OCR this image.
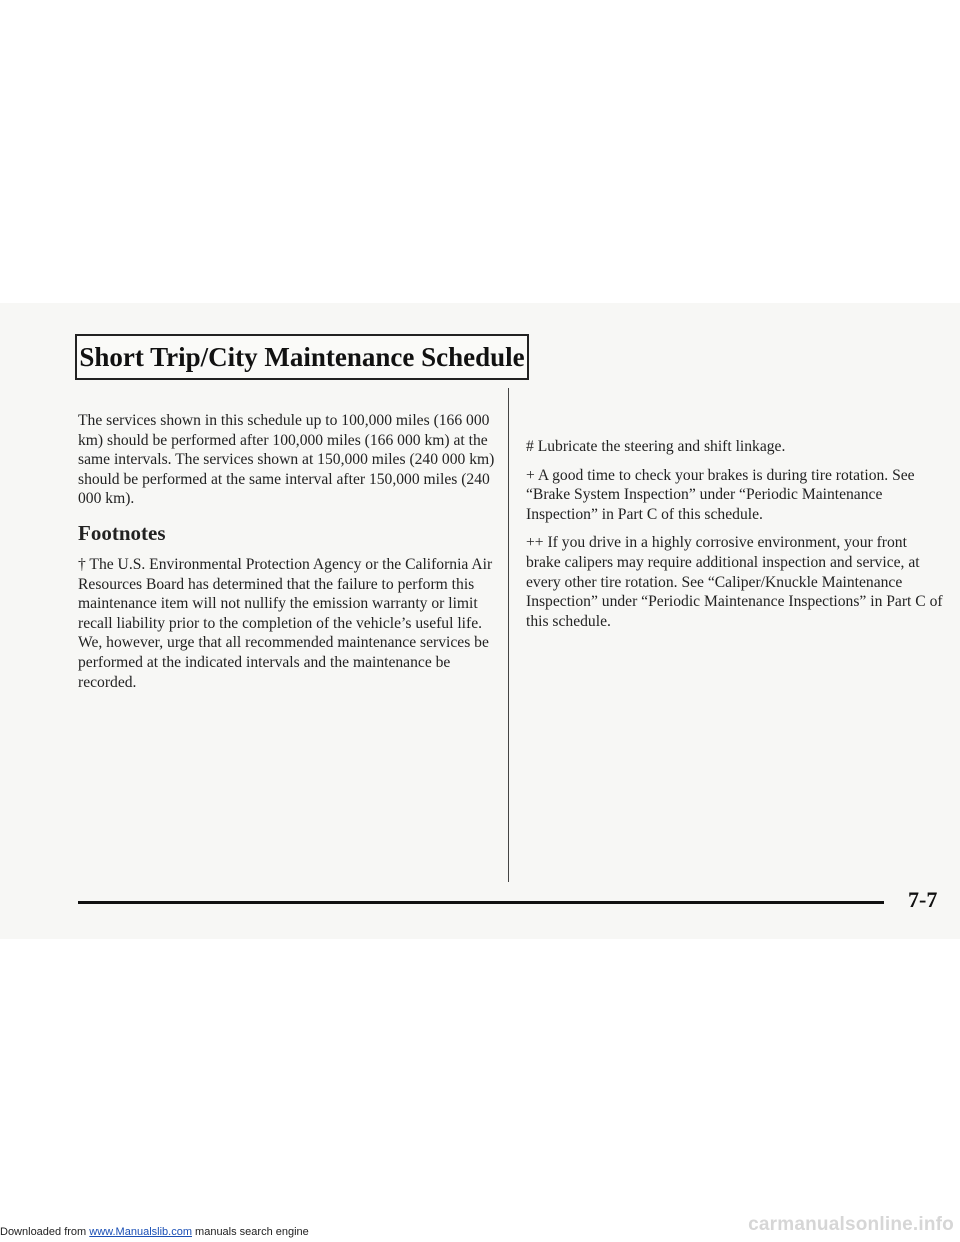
Short Trip/City Maintenance Schedule

The services shown in this schedule up to 100,000 miles (166 000 km) should be performed after 100,000 miles (166 000 km) at the same intervals. The services shown at 150,000 miles (240 000 km) should be performed at the same interval after 150,000 miles (240 000 km).

Footnotes

† The U.S. Environmental Protection Agency or the California Air Resources Board has determined that the failure to perform this maintenance item will not nullify the emission warranty or limit recall liability prior to the completion of the vehicle’s useful life. We, however, urge that all recommended maintenance services be performed at the indicated intervals and the maintenance be recorded.

# Lubricate the steering and shift linkage.

+ A good time to check your brakes is during tire rotation. See “Brake System Inspection” under “Periodic Maintenance Inspection” in Part C of this schedule.

++ If you drive in a highly corrosive environment, your front brake calipers may require additional inspection and service, at every other tire rotation. See “Caliper/Knuckle Maintenance Inspection” under “Periodic Maintenance Inspections” in Part C of this schedule.

7-7
Downloaded from www.Manualslib.com manuals search engine	carmanualsonline.info
